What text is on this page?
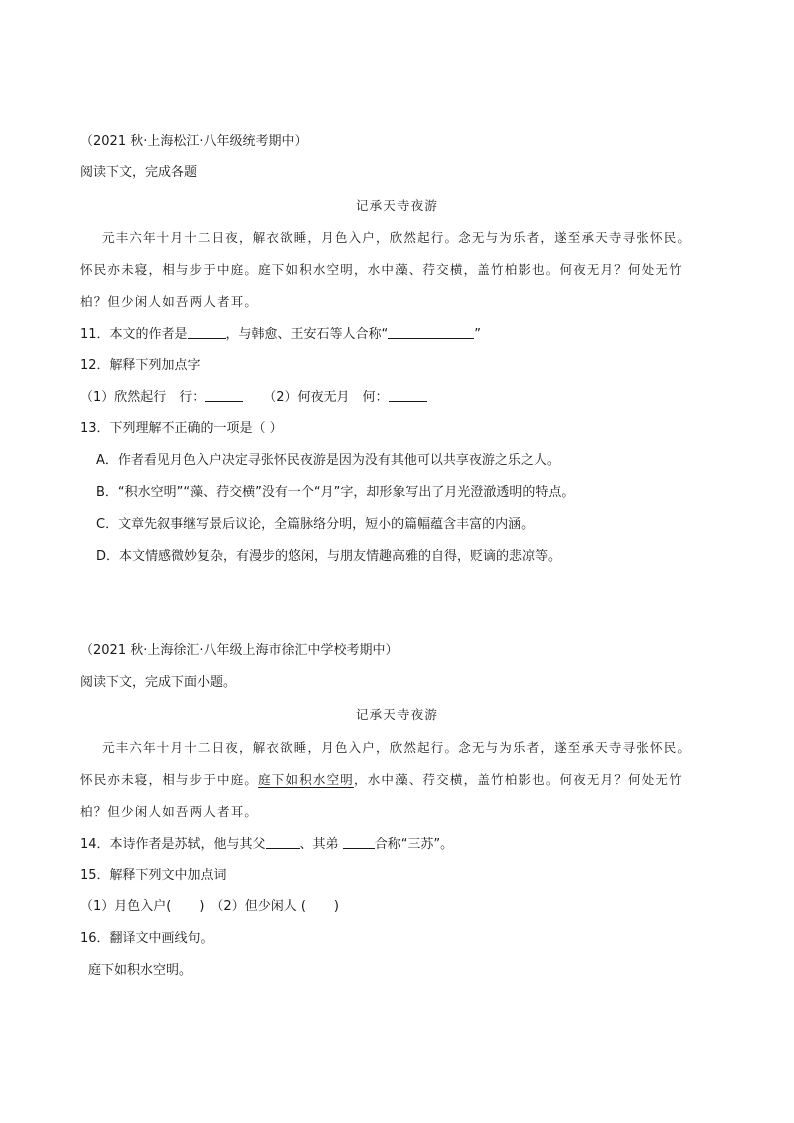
（2021 秋·上海松江·八年级统考期中）
阅读下文，完成各题
记承天寺夜游
元丰六年十月十二日夜，解衣欲睡，月色入户，欣然起行。念无与为乐者，遂至承天寺寻张怀民。
怀民亦未寝，相与步于中庭。庭下如积水空明，水中藻、荇交横，盖竹柏影也。何夜无月？何处无竹
柏？但少闲人如吾两人者耳。
11．本文的作者是	，与韩愈、王安石等人合称“	”
12．解释下列加点字
（1）欣然起行　行：	（2）何夜无月　何：
13．下列理解不正确的一项是（ ）
A．作者看见月色入户决定寻张怀民夜游是因为没有其他可以共享夜游之乐之人。
B．“积水空明”“藻、荇交横”没有一个“月”字，却形象写出了月光澄澈透明的特点。
C．文章先叙事继写景后议论，全篇脉络分明，短小的篇幅蕴含丰富的内涵。
D．本文情感微妙复杂，有漫步的悠闲，与朋友情趣高雅的自得，贬谪的悲凉等。
（2021 秋·上海徐汇·八年级上海市徐汇中学校考期中）
阅读下文，完成下面小题。
记承天寺夜游
元丰六年十月十二日夜，解衣欲睡，月色入户，欣然起行。念无与为乐者，遂至承天寺寻张怀民。
怀民亦未寝，相与步于中庭。庭下如积水空明，水中藻、荇交横，盖竹柏影也。何夜无月？何处无竹
柏？但少闲人如吾两人者耳。
14．本诗作者是苏轼，他与其父	、其弟 合称“三苏”。
15．解释下列文中加点词
（1）月色入户( ) （2）但少闲人 ( )
16．翻译文中画线句。
庭下如积水空明。
